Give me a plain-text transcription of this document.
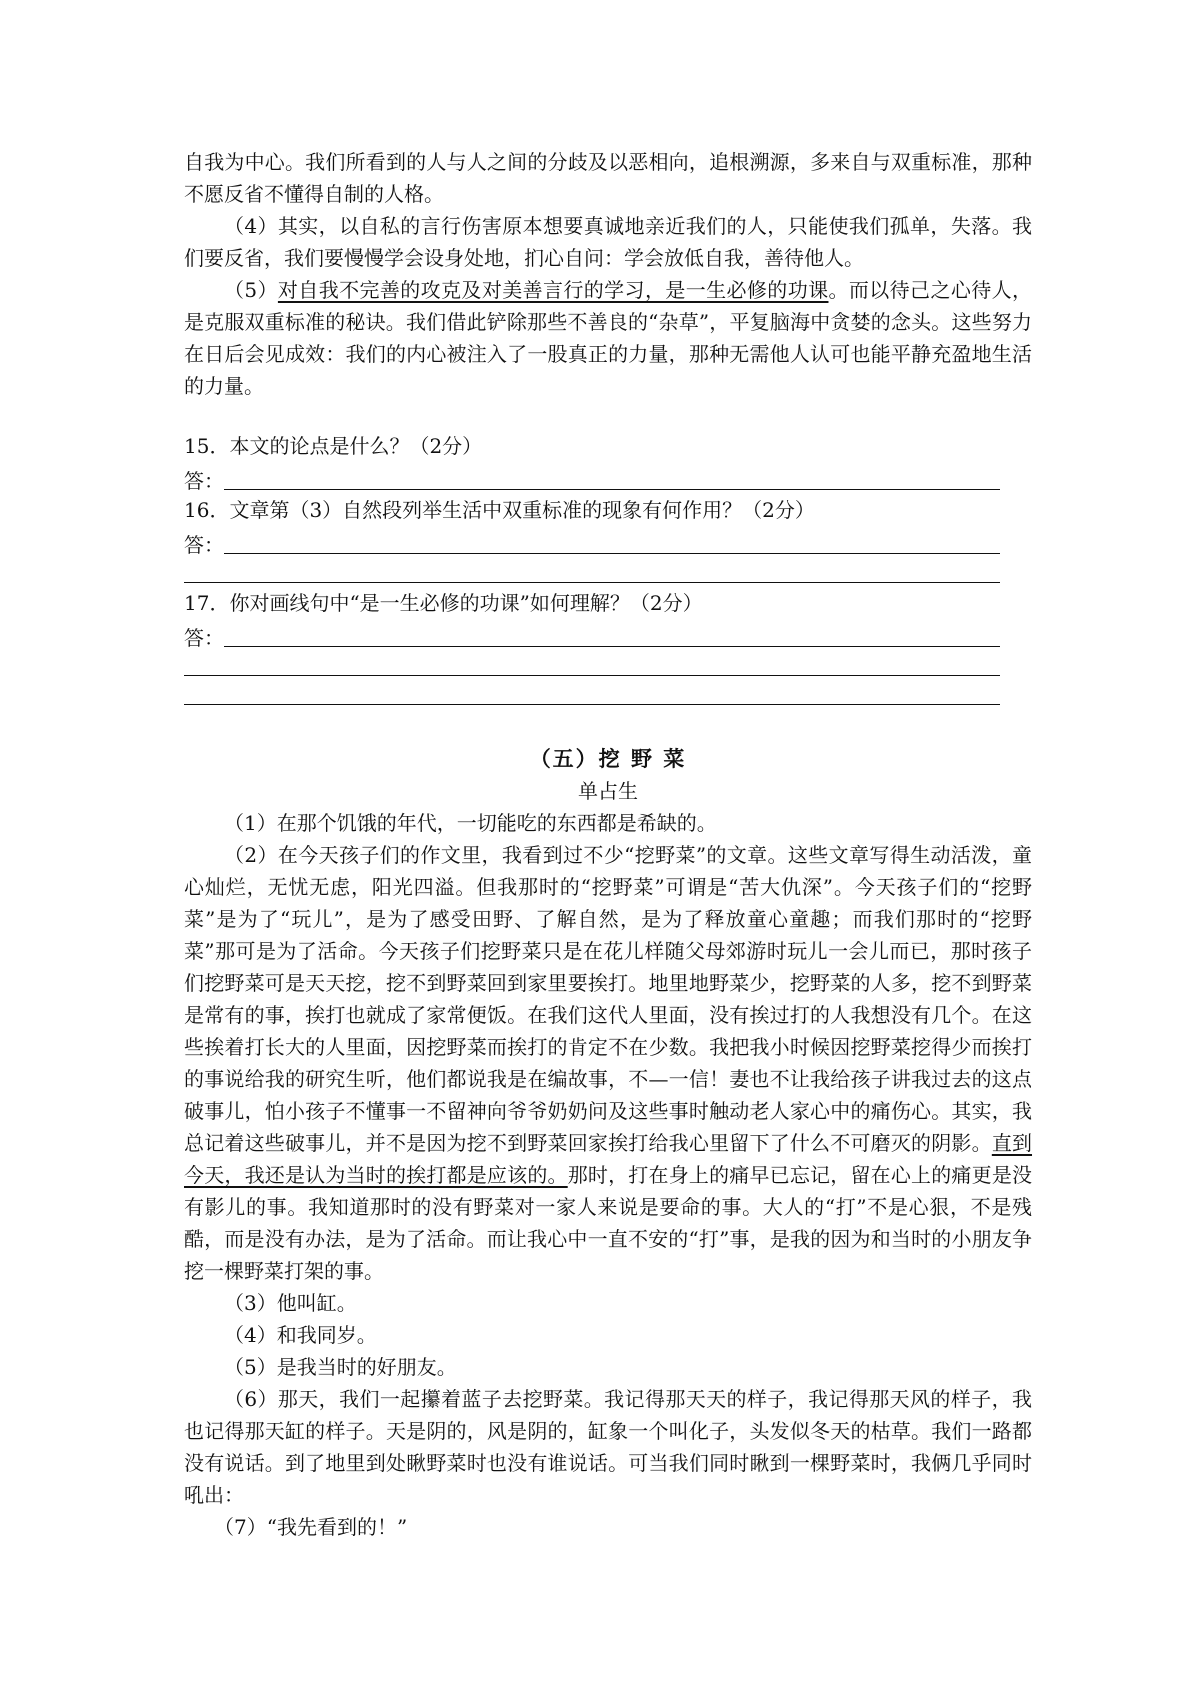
自我为中心。我们所看到的人与人之间的分歧及以恶相向，追根溯源，多来自与双重标准，那种不愿反省不懂得自制的人格。

（4）其实，以自私的言行伤害原本想要真诚地亲近我们的人，只能使我们孤单，失落。我们要反省，我们要慢慢学会设身处地，扪心自问：学会放低自我，善待他人。

（5）对自我不完善的攻克及对美善言行的学习，是一生必修的功课。而以待己之心待人，是克服双重标准的秘诀。我们借此铲除那些不善良的“杂草”，平复脑海中贪婪的念头。这些努力在日后会见成效：我们的内心被注入了一股真正的力量，那种无需他人认可也能平静充盈地生活的力量。

15．本文的论点是什么？（2分）

答：

16．文章第（3）自然段列举生活中双重标准的现象有何作用？（2分）

答：

17．你对画线句中“是一生必修的功课”如何理解？（2分）

答：

（五）挖 野 菜

单占生

（1）在那个饥饿的年代，一切能吃的东西都是希缺的。

（2）在今天孩子们的作文里，我看到过不少“挖野菜”的文章。这些文章写得生动活泼，童心灿烂，无忧无虑，阳光四溢。但我那时的“挖野菜”可谓是“苦大仇深”。今天孩子们的“挖野菜”是为了“玩儿”，是为了感受田野、了解自然，是为了释放童心童趣；而我们那时的“挖野菜”那可是为了活命。今天孩子们挖野菜只是在花儿样随父母郊游时玩儿一会儿而已，那时孩子们挖野菜可是天天挖，挖不到野菜回到家里要挨打。地里地野菜少，挖野菜的人多，挖不到野菜是常有的事，挨打也就成了家常便饭。在我们这代人里面，没有挨过打的人我想没有几个。在这些挨着打长大的人里面，因挖野菜而挨打的肯定不在少数。我把我小时候因挖野菜挖得少而挨打的事说给我的研究生听，他们都说我是在编故事，不—一信！妻也不让我给孩子讲我过去的这点破事儿，怕小孩子不懂事一不留神向爷爷奶奶问及这些事时触动老人家心中的痛伤心。其实，我总记着这些破事儿，并不是因为挖不到野菜回家挨打给我心里留下了什么不可磨灭的阴影。直到今天，我还是认为当时的挨打都是应该的。那时，打在身上的痛早已忘记，留在心上的痛更是没有影儿的事。我知道那时的没有野菜对一家人来说是要命的事。大人的“打”不是心狠，不是残酷，而是没有办法，是为了活命。而让我心中一直不安的“打”事，是我的因为和当时的小朋友争挖一棵野菜打架的事。

（3）他叫缸。

（4）和我同岁。

（5）是我当时的好朋友。

（6）那天，我们一起攥着蓝子去挖野菜。我记得那天天的样子，我记得那天风的样子，我也记得那天缸的样子。天是阴的，风是阴的，缸象一个叫化子，头发似冬天的枯草。我们一路都没有说话。到了地里到处瞅野菜时也没有谁说话。可当我们同时瞅到一棵野菜时，我俩几乎同时吼出：

（7）“我先看到的！”
